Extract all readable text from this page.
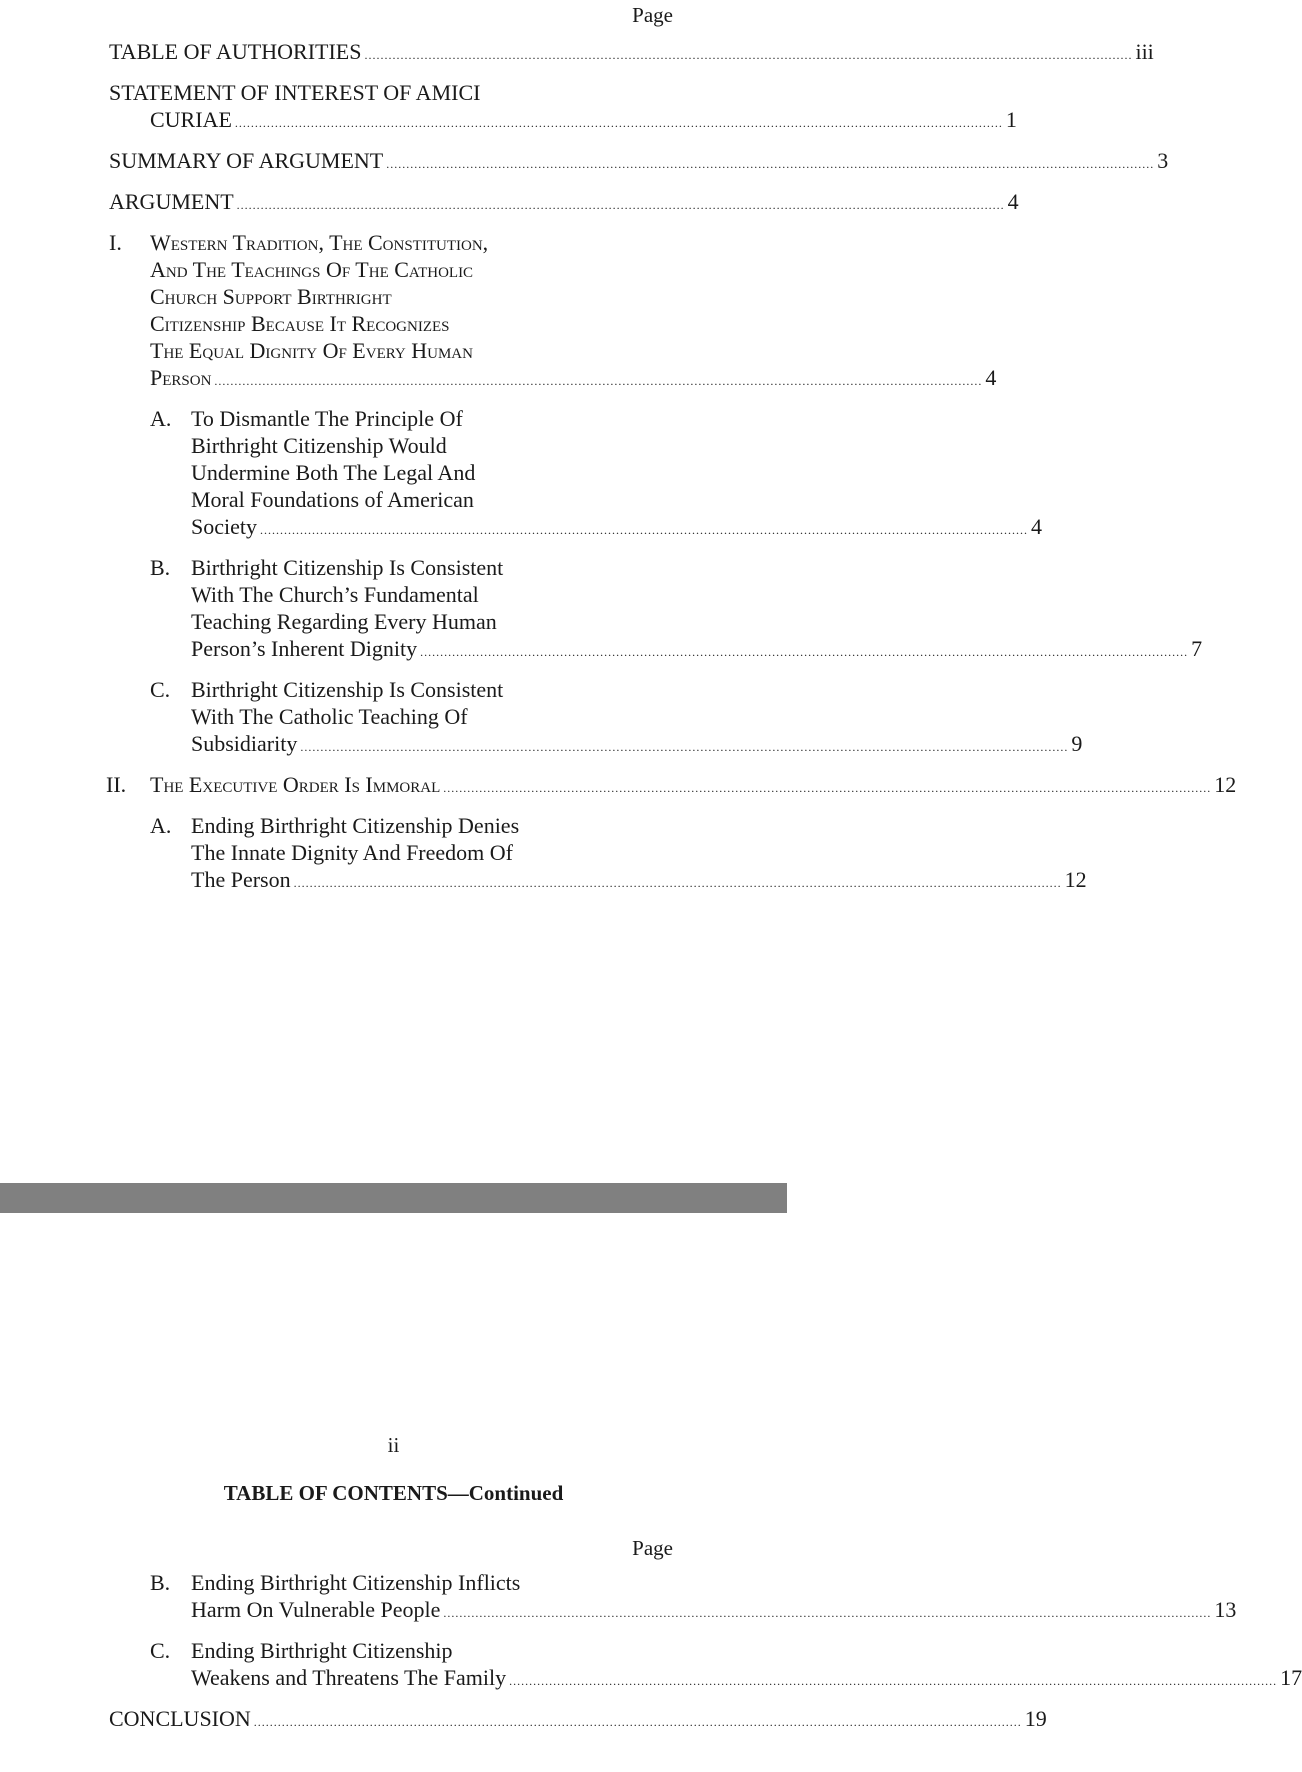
Page
TABLE OF AUTHORITIES .....	iii
STATEMENT OF INTEREST OF AMICI
CURIAE .....	1
SUMMARY OF ARGUMENT .....	3
ARGUMENT .....	4
I.	Western Tradition, The Constitution,
And The Teachings Of The Catholic
Church Support Birthright
Citizenship Because It Recognizes
The Equal Dignity Of Every Human
Person .....	4
A. To Dismantle The Principle Of
Birthright Citizenship Would
Undermine Both The Legal And
Moral Foundations of American
Society .....	4
B. Birthright Citizenship Is Consistent
With The Church’s Fundamental
Teaching Regarding Every Human
Person’s Inherent Dignity .....	7
C. Birthright Citizenship Is Consistent
With The Catholic Teaching Of
Subsidiarity .....	9
II.	The Executive Order Is Immoral .....	12
A. Ending Birthright Citizenship Denies
The Innate Dignity And Freedom Of
The Person .....	12
ii
TABLE OF CONTENTS—Continued
Page
B. Ending Birthright Citizenship Inflicts
Harm On Vulnerable People .....	13
C. Ending Birthright Citizenship
Weakens and Threatens The Family .....	17
CONCLUSION .....	19
